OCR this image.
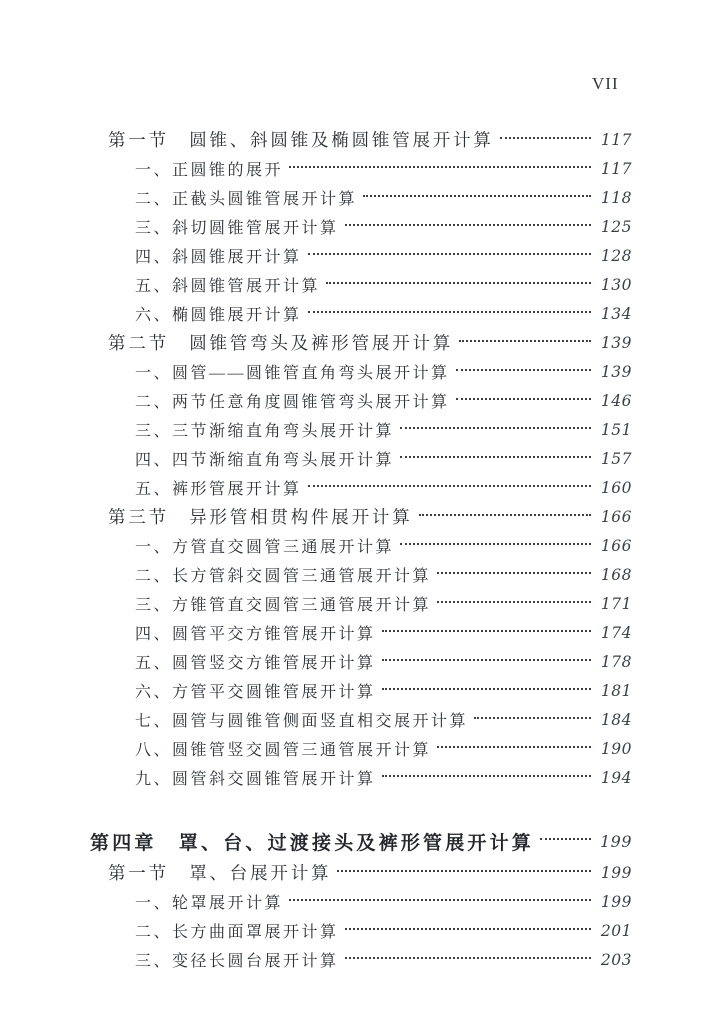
VII
第一节　圆锥、斜圆锥及椭圆锥管展开计算	117
一、正圆锥的展开	117
二、正截头圆锥管展开计算	118
三、斜切圆锥管展开计算	125
四、斜圆锥展开计算	128
五、斜圆锥管展开计算	130
六、椭圆锥展开计算	134
第二节　圆锥管弯头及裤形管展开计算	139
一、圆管——圆锥管直角弯头展开计算	139
二、两节任意角度圆锥管弯头展开计算	146
三、三节渐缩直角弯头展开计算	151
四、四节渐缩直角弯头展开计算	157
五、裤形管展开计算	160
第三节　异形管相贯构件展开计算	166
一、方管直交圆管三通展开计算	166
二、长方管斜交圆管三通管展开计算	168
三、方锥管直交圆管三通管展开计算	171
四、圆管平交方锥管展开计算	174
五、圆管竖交方锥管展开计算	178
六、方管平交圆锥管展开计算	181
七、圆管与圆锥管侧面竖直相交展开计算	184
八、圆锥管竖交圆管三通管展开计算	190
九、圆管斜交圆锥管展开计算	194
第四章　罩、台、过渡接头及裤形管展开计算	199
第一节　罩、台展开计算	199
一、轮罩展开计算	199
二、长方曲面罩展开计算	201
三、变径长圆台展开计算	203
